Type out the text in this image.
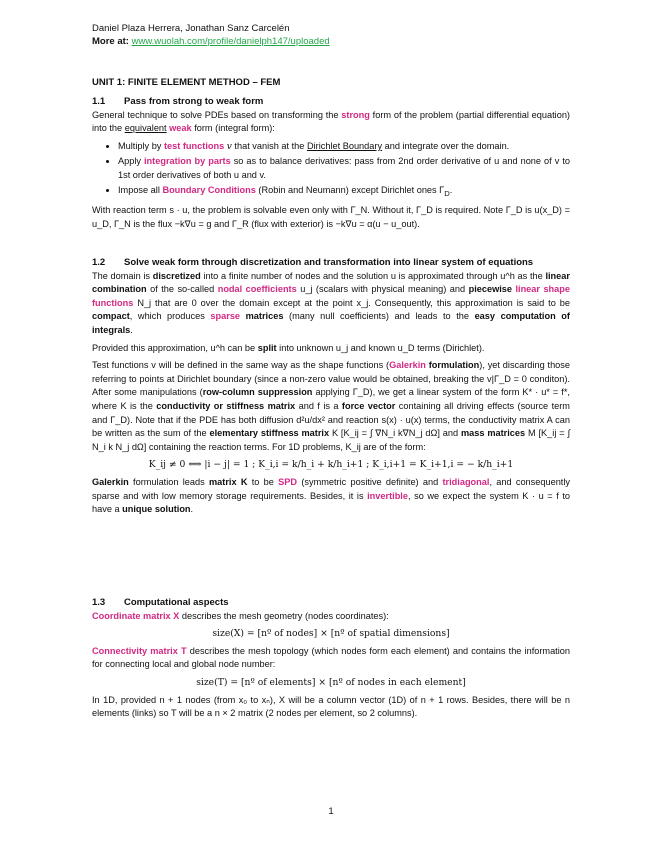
Daniel Plaza Herrera, Jonathan Sanz Carcelén
More at: www.wuolah.com/profile/danielph147/uploaded
UNIT 1: FINITE ELEMENT METHOD – FEM
1.1 Pass from strong to weak form

General technique to solve PDEs based on transforming the strong form of the problem (partial differential equation) into the equivalent weak form (integral form):

• Multiply by test functions v that vanish at the Dirichlet Boundary and integrate over the domain.
• Apply integration by parts so as to balance derivatives: pass from 2nd order derivative of u and none of v to 1st order derivatives of both u and v.
• Impose all Boundary Conditions (Robin and Neumann) except Dirichlet ones $\Gamma_D$.

With reaction term s · u, the problem is solvable even only with Γ_N. Without it, Γ_D is required. Note Γ_D is u(x_D) = u_D, Γ_N is the flux −k∇u = g and Γ_R (flux with exterior) is −k∇u = α(u − u_out).

1.2 Solve weak form through discretization and transformation into linear system of equations

The domain is discretized into a finite number of nodes and the solution u is approximated through u^h as the linear combination of the so-called nodal coefficients u_j (scalars with physical meaning) and piecewise linear shape functions N_j that are 0 over the domain except at the point x_j. Consequently, this approximation is said to be compact, which produces sparse matrices (many null coefficients) and leads to the easy computation of integrals.

Provided this approximation, u^h can be split into unknown u_j and known u_D terms (Dirichlet).

Test functions v will be defined in the same way as the shape functions (Galerkin formulation), yet discarding those referring to points at Dirichlet boundary (since a non-zero value would be obtained, breaking the v|Γ_D = 0 conditon). After some manipulations (row-column suppression applying Γ_D), we get a linear system of the form K* · u* = f*, where K is the conductivity or stiffness matrix and f is a force vector containing all driving effects (source term and Γ_D). Note that if the PDE has both diffusion d²u/dx² and reaction s(x) · u(x) terms, the conductivity matrix A can be written as the sum of the elementary stiffness matrix K [K_ij = ∫ ∇N_i k∇N_j dΩ] and mass matrices M [K_ij = ∫ N_i k N_j dΩ] containing the reaction terms. For 1D problems, K_ij are of the form:

K_ij ≠ 0 ⟺ |i − j| = 1 ; K_i,i = k/h_i + k/h_i+1 ; K_i,i+1 = K_i+1,i = − k/h_i+1

Galerkin formulation leads matrix K to be SPD (symmetric positive definite) and tridiagonal, and consequently sparse and with low memory storage requirements. Besides, it is invertible, so we expect the system K · u = f to have a unique solution.

1.3 Computational aspects

Coordinate matrix X describes the mesh geometry (nodes coordinates):

size(X) = [nº of nodes] × [nº of spatial dimensions]

Connectivity matrix T describes the mesh topology (which nodes form each element) and contains the information for connecting local and global node number:

size(T) = [nº of elements] × [nº of nodes in each element]

In 1D, provided n + 1 nodes (from x₀ to xₙ), X will be a column vector (1D) of n + 1 rows. Besides, there will be n elements (links) so T will be a n × 2 matrix (2 nodes per element, so 2 columns).

1
